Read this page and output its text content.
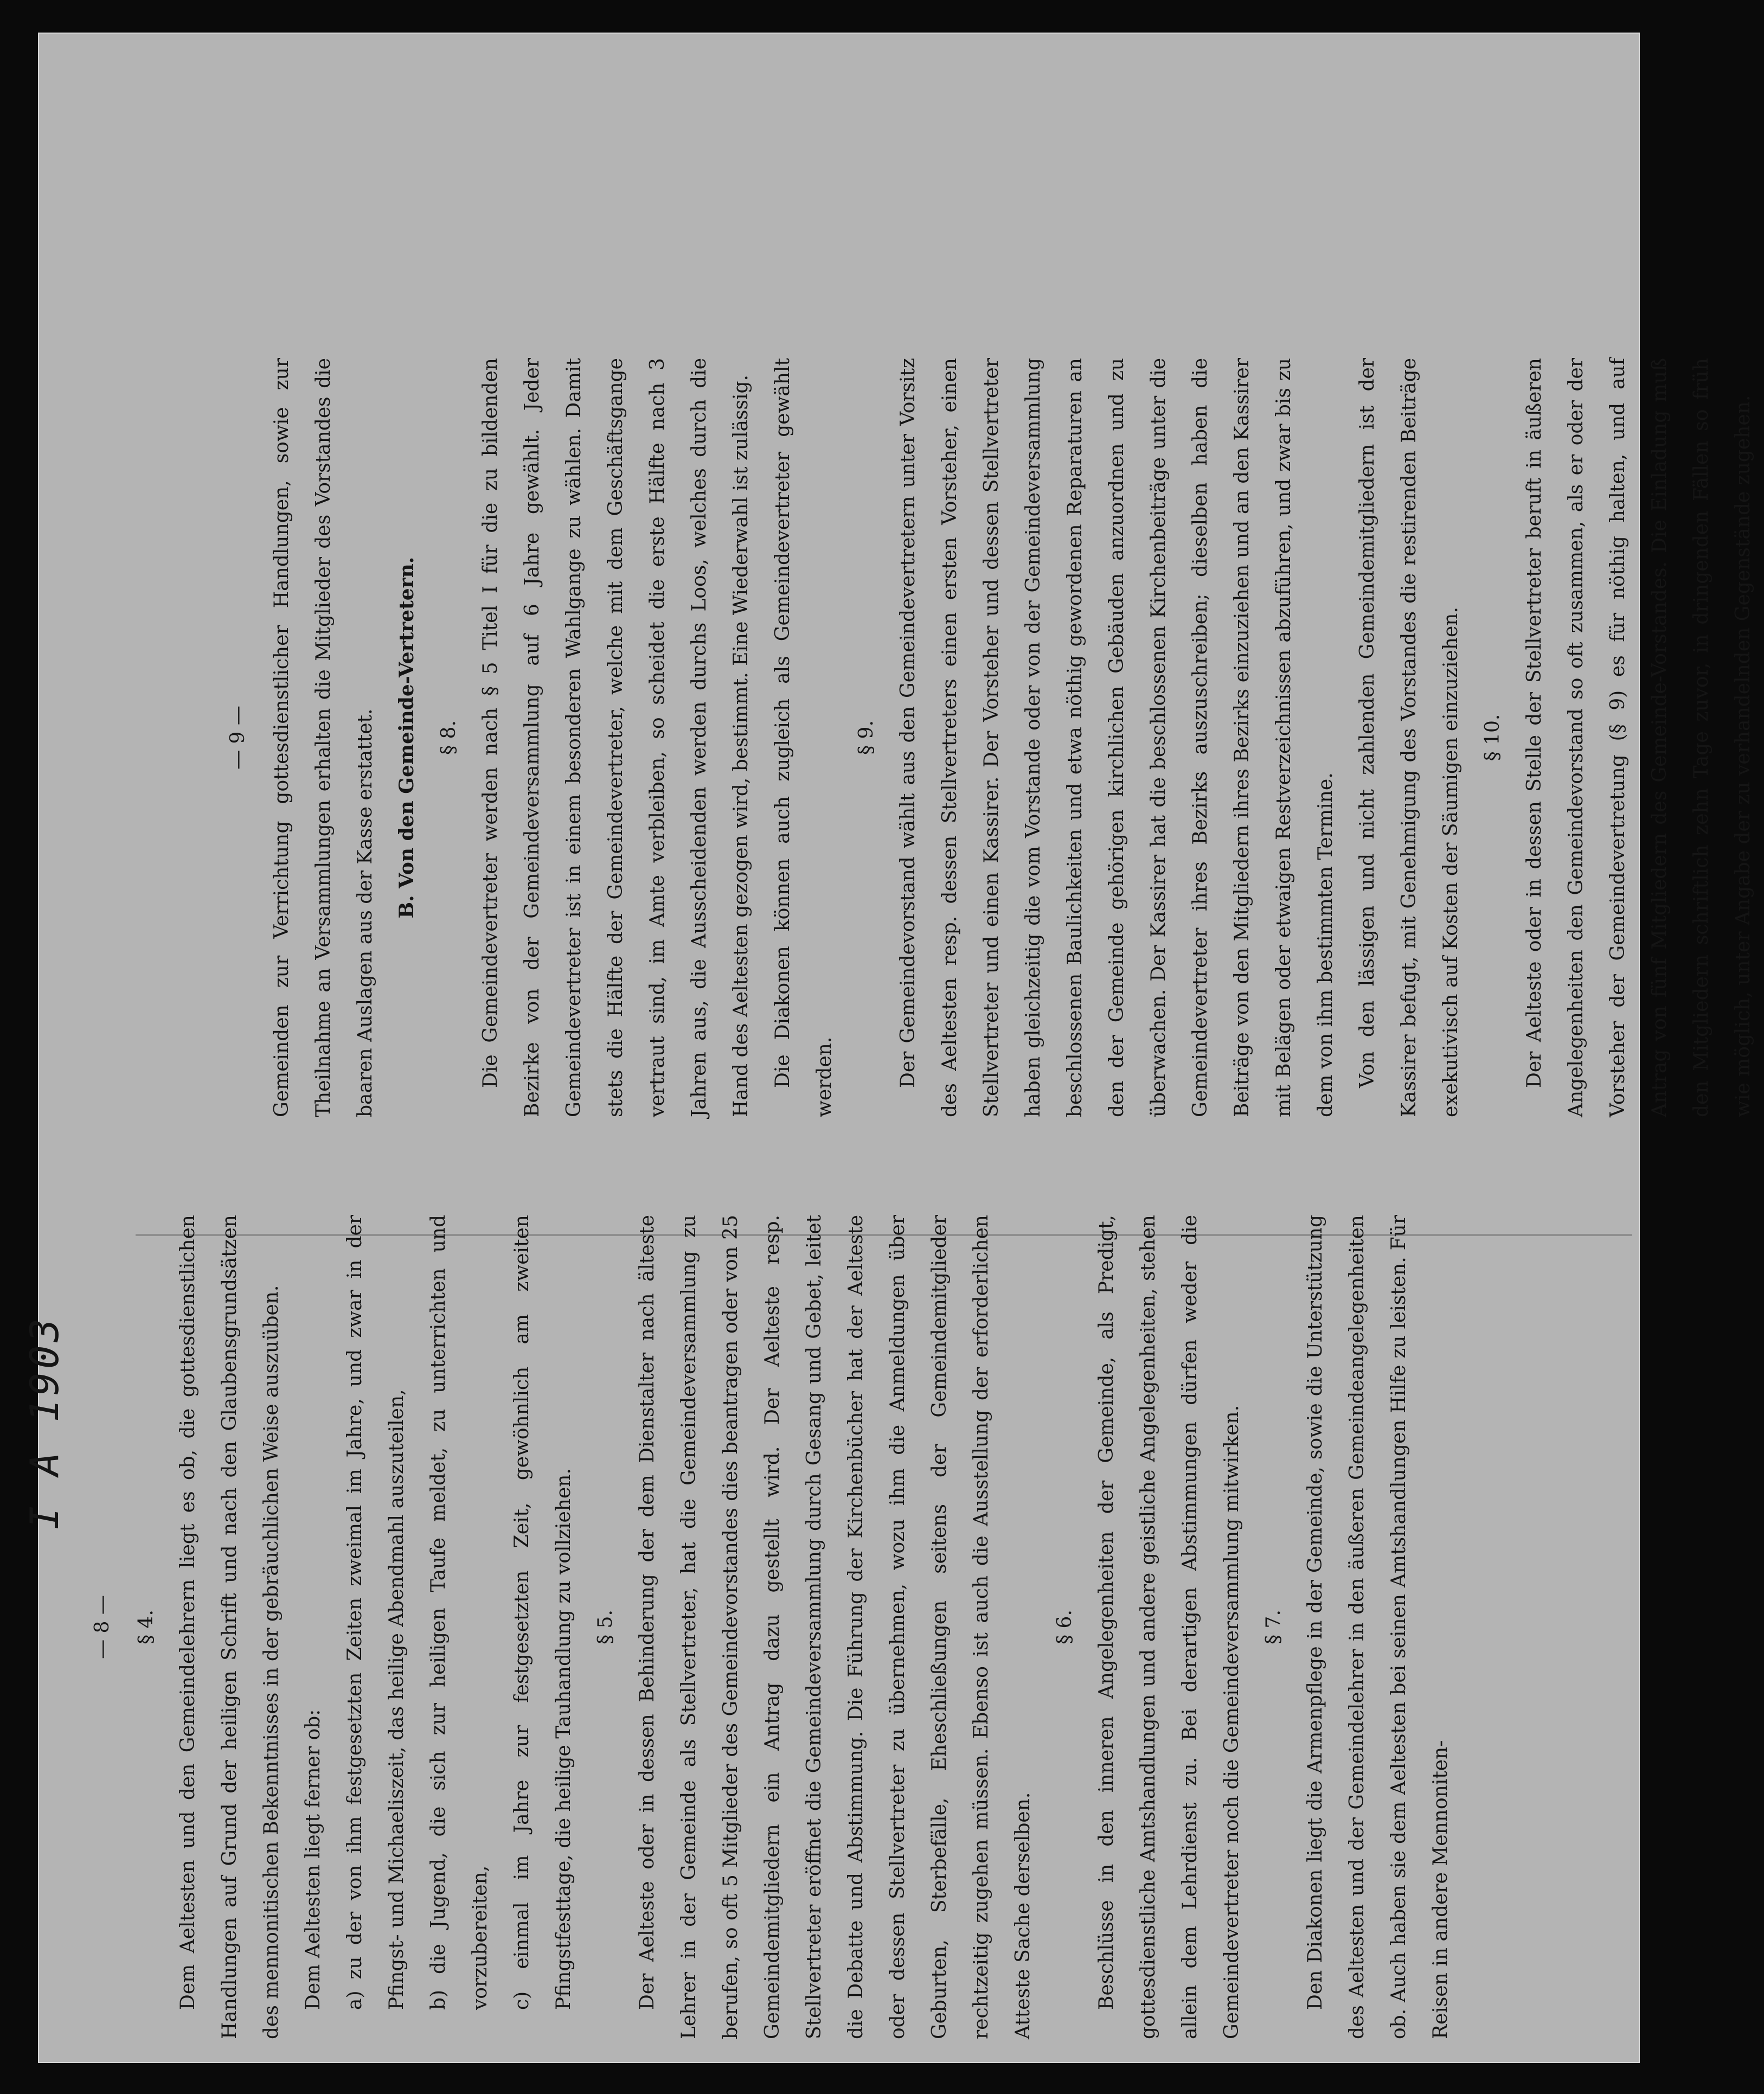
I A 1903
— 8 —	§ 4.	Dem Aeltesten und den Gemeindelehrern liegt es ob, die gottesdienstlichen Handlungen auf Grund der heiligen Schrift und nach den Glaubensgrundsätzen des mennonitischen Bekenntnisses in der gebräuchlichen Weise auszuüben.	Dem Aeltesten liegt ferner ob:	a) zu der von ihm festgesetzten Zeiten zweimal im Jahre, und zwar in der Pfingst- und Michaeliszeit, das heilige Abendmahl auszuteilen,	b) die Jugend, die sich zur heiligen Taufe meldet, zu unterrichten und vorzubereiten,	c) einmal im Jahre zur festgesetzten Zeit, gewöhnlich am zweiten Pfingstfesttage, die heilige Tauhandlung zu vollziehen.	§ 5.	Der Aelteste oder in dessen Behinderung der dem Dienstalter nach älteste Lehrer in der Gemeinde als Stellvertreter, hat die Gemeindeversammlung zu berufen, so oft 5 Mitglieder des Gemeindevorstandes dies beantragen oder von 25 Gemeindemitgliedern ein Antrag dazu gestellt wird. Der Aelteste resp. Stellvertreter eröffnet die Gemeindeversammlung durch Gesang und Gebet, leitet die Debatte und Abstimmung. Die Führung der Kirchenbücher hat der Aelteste oder dessen Stellvertreter zu übernehmen, wozu ihm die Anmeldungen über Geburten, Sterbefälle, Eheschließungen seitens der Gemeindemitglieder rechtzeitig zugehen müssen. Ebenso ist auch die Ausstellung der erforderlichen Atteste Sache derselben.

§ 6.	Beschlüsse in den inneren Angelegenheiten der Gemeinde, als Predigt, gottesdienstliche Amtshandlungen und andere geistliche Angelegenheiten, stehen allein dem Lehrdienst zu. Bei derartigen Abstimmungen dürfen weder die Gemeindevertreter noch die Gemeindeversammlung mitwirken.	§ 7.	Den Diakonen liegt die Armenpflege in der Gemeinde, sowie die Unterstützung des Aeltesten und der Gemeindelehrer in den äußeren Gemeindeangelegenheiten ob. Auch haben sie dem Aeltesten bei seinen Amtshandlungen Hilfe zu leisten. Für Reisen in andere Mennoniten-

— 9 —	Gemeinden zur Verrichtung gottesdienstlicher Handlungen, sowie zur Theilnahme an Versammlungen erhalten die Mitglieder des Vorstandes die baaren Auslagen aus der Kasse erstattet. B. Von den Gemeinde-Vertretern.	§ 8.	Die Gemeindevertreter werden nach § 5 Titel I für die zu bildenden Bezirke von der Gemeindeversammlung auf 6 Jahre gewählt. Jeder Gemeindevertreter ist in einem besonderen Wahlgange zu wählen. Damit stets die Hälfte der Gemeindevertreter, welche mit dem Geschäftsgange vertraut sind, im Amte verbleiben, so scheidet die erste Hälfte nach 3 Jahren aus, die Ausscheidenden werden durchs Loos, welches durch die Hand des Aeltesten gezogen wird, bestimmt. Eine Wiederwahl ist zulässig.	Die Diakonen können auch zugleich als Gemeindevertreter gewählt werden.

§ 9.	Der Gemeindevorstand wählt aus den Gemeindevertretern unter Vorsitz des Aeltesten resp. dessen Stellvertreters einen ersten Vorsteher, einen Stellvertreter und einen Kassirer. Der Vorsteher und dessen Stellvertreter haben gleichzeitig die vom Vorstande oder von der Gemeindeversammlung beschlossenen Baulichkeiten und etwa nöthig gewordenen Reparaturen an den der Gemeinde gehörigen kirchlichen Gebäuden anzuordnen und zu überwachen. Der Kassirer hat die beschlossenen Kirchenbeiträge unter die Gemeindevertreter ihres Bezirks auszuschreiben; dieselben haben die Beiträge von den Mitgliedern ihres Bezirks einzuziehen und an den Kassirer mit Belägen oder etwaigen Restverzeichnissen abzuführen, und zwar bis zu dem von ihm bestimmten Termine.	Von den lässigen und nicht zahlenden Gemeindemitgliedern ist der Kassirer befugt, mit Genehmigung des Vorstandes die restirenden Beiträge exekutivisch auf Kosten der Säumigen einzuziehen.	§ 10.	Der Aelteste oder in dessen Stelle der Stellvertreter beruft in äußeren Angelegenheiten den Gemeindevorstand so oft zusammen, als er oder der Vorsteher der Gemeindevertretung (§ 9) es für nöthig halten, und auf Antrag von fünf Mitgliedern des Gemeinde-Vorstandes. Die Einladung muß den Mitgliedern schriftlich zehn Tage zuvor, in dringenden Fällen so früh wie möglich, unter Angabe der zu verhandelnden Gegenstände zugehen.
